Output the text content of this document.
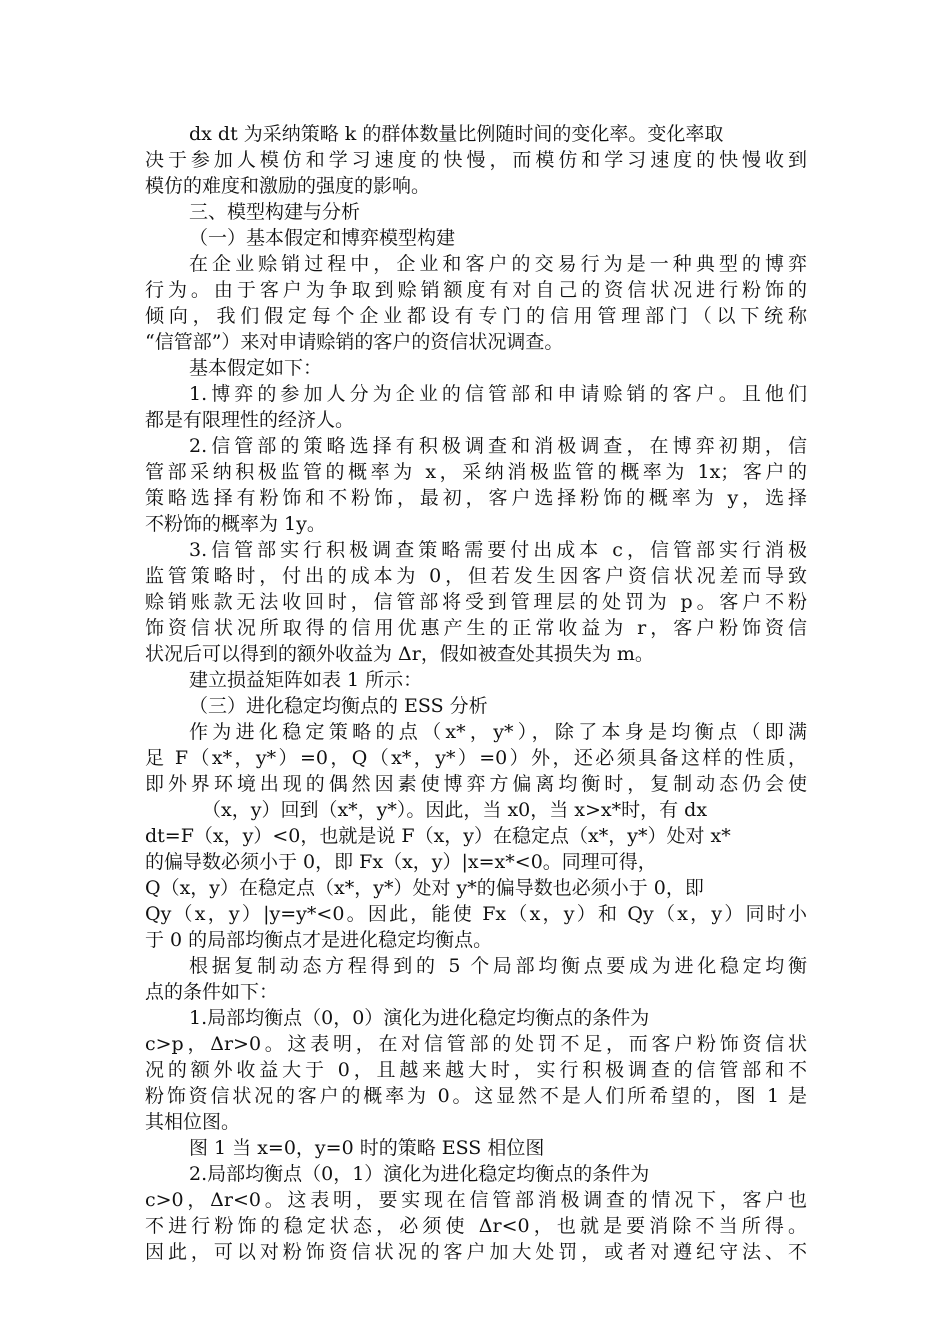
dx dt 为采纳策略 k 的群体数量比例随时间的变化率。变化率取
决于参加人模仿和学习速度的快慢，而模仿和学习速度的快慢收到
模仿的难度和激励的强度的影响。
三、模型构建与分析
（一）基本假定和博弈模型构建
在企业赊销过程中，企业和客户的交易行为是一种典型的博弈
行为。由于客户为争取到赊销额度有对自己的资信状况进行粉饰的
倾向，我们假定每个企业都设有专门的信用管理部门（以下统称
“信管部”）来对申请赊销的客户的资信状况调查。
基本假定如下：
1.博弈的参加人分为企业的信管部和申请赊销的客户。且他们
都是有限理性的经济人。
2.信管部的策略选择有积极调查和消极调查，在博弈初期，信
管部采纳积极监管的概率为 x，采纳消极监管的概率为 1x；客户的
策略选择有粉饰和不粉饰，最初，客户选择粉饰的概率为 y，选择
不粉饰的概率为 1y。
3.信管部实行积极调查策略需要付出成本 c，信管部实行消极
监管策略时，付出的成本为 0，但若发生因客户资信状况差而导致
赊销账款无法收回时，信管部将受到管理层的处罚为 p。客户不粉
饰资信状况所取得的信用优惠产生的正常收益为 r，客户粉饰资信
状况后可以得到的额外收益为 Δr，假如被查处其损失为 m。
建立损益矩阵如表 1 所示：
（三）进化稳定均衡点的 ESS 分析
作为进化稳定策略的点（x*，y*），除了本身是均衡点（即满
足 F（x*，y*）=0，Q（x*，y*）=0）外，还必须具备这样的性质，
即外界环境出现的偶然因素使博弈方偏离均衡时，复制动态仍会使
（x，y）回到（x*，y*）。因此，当 x0，当 x>x*时，有 dx
dt=F（x，y）<0，也就是说 F（x，y）在稳定点（x*，y*）处对 x*
的偏导数必须小于 0，即 Fx（x，y）|x=x*<0。同理可得，
Q（x，y）在稳定点（x*，y*）处对 y*的偏导数也必须小于 0，即
Qy（x，y）|y=y*<0。因此，能使 Fx（x，y）和 Qy（x，y）同时小
于 0 的局部均衡点才是进化稳定均衡点。
根据复制动态方程得到的 5 个局部均衡点要成为进化稳定均衡
点的条件如下：
1.局部均衡点（0，0）演化为进化稳定均衡点的条件为
c>p，Δr>0。这表明，在对信管部的处罚不足，而客户粉饰资信状
况的额外收益大于 0，且越来越大时，实行积极调查的信管部和不
粉饰资信状况的客户的概率为 0。这显然不是人们所希望的，图 1 是
其相位图。
图 1 当 x=0，y=0 时的策略 ESS 相位图
2.局部均衡点（0，1）演化为进化稳定均衡点的条件为
c>0，Δr<0。这表明，要实现在信管部消极调查的情况下，客户也
不进行粉饰的稳定状态，必须使 Δr<0，也就是要消除不当所得。
因此，可以对粉饰资信状况的客户加大处罚，或者对遵纪守法、不
